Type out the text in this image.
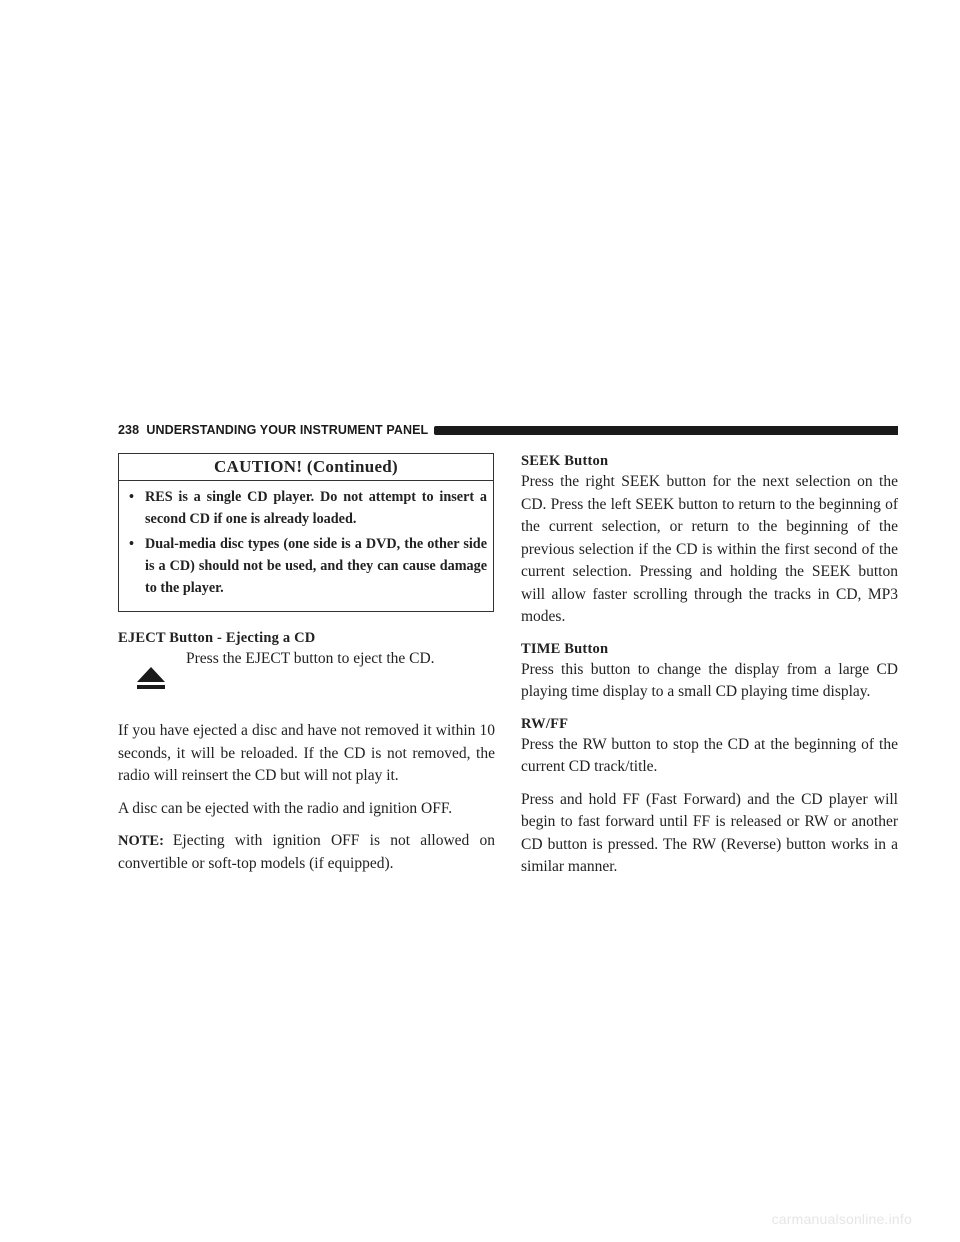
238 UNDERSTANDING YOUR INSTRUMENT PANEL
CAUTION! (Continued)
• RES is a single CD player. Do not attempt to insert a second CD if one is already loaded.
• Dual-media disc types (one side is a DVD, the other side is a CD) should not be used, and they can cause damage to the player.
EJECT Button - Ejecting a CD
Press the EJECT button to eject the CD.

If you have ejected a disc and have not removed it within 10 seconds, it will be reloaded. If the CD is not removed, the radio will reinsert the CD but will not play it.

A disc can be ejected with the radio and ignition OFF.

NOTE: Ejecting with ignition OFF is not allowed on convertible or soft-top models (if equipped).

SEEK Button

Press the right SEEK button for the next selection on the CD. Press the left SEEK button to return to the beginning of the current selection, or return to the beginning of the previous selection if the CD is within the first second of the current selection. Pressing and holding the SEEK button will allow faster scrolling through the tracks in CD, MP3 modes.

TIME Button

Press this button to change the display from a large CD playing time display to a small CD playing time display.

RW/FF

Press the RW button to stop the CD at the beginning of the current CD track/title.

Press and hold FF (Fast Forward) and the CD player will begin to fast forward until FF is released or RW or another CD button is pressed. The RW (Reverse) button works in a similar manner.

carmanualsonline.info
